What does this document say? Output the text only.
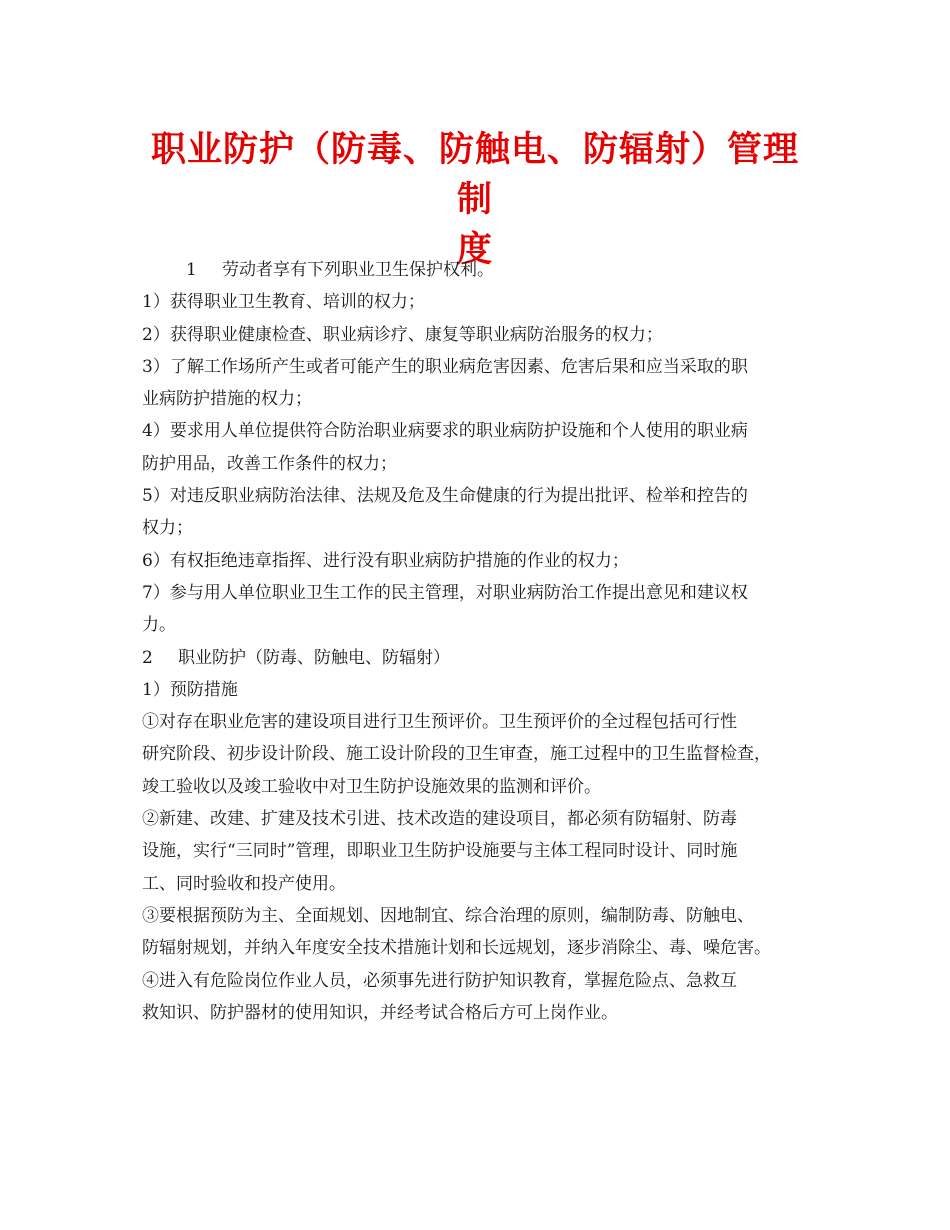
职业防护（防毒、防触电、防辐射）管理制
度
1 劳动者享有下列职业卫生保护权利。
1）获得职业卫生教育、培训的权力；
2）获得职业健康检查、职业病诊疗、康复等职业病防治服务的权力；
3）了解工作场所产生或者可能产生的职业病危害因素、危害后果和应当采取的职
业病防护措施的权力；
4）要求用人单位提供符合防治职业病要求的职业病防护设施和个人使用的职业病
防护用品，改善工作条件的权力；
5）对违反职业病防治法律、法规及危及生命健康的行为提出批评、检举和控告的
权力；
6）有权拒绝违章指挥、进行没有职业病防护措施的作业的权力；
7）参与用人单位职业卫生工作的民主管理，对职业病防治工作提出意见和建议权
力。
2 职业防护（防毒、防触电、防辐射）
1）预防措施
①对存在职业危害的建设项目进行卫生预评价。卫生预评价的全过程包括可行性
研究阶段、初步设计阶段、施工设计阶段的卫生审查，施工过程中的卫生监督检查，
竣工验收以及竣工验收中对卫生防护设施效果的监测和评价。
②新建、改建、扩建及技术引进、技术改造的建设项目，都必须有防辐射、防毒
设施，实行“三同时”管理，即职业卫生防护设施要与主体工程同时设计、同时施
工、同时验收和投产使用。
③要根据预防为主、全面规划、因地制宜、综合治理的原则，编制防毒、防触电、
防辐射规划，并纳入年度安全技术措施计划和长远规划，逐步消除尘、毒、噪危害。
④进入有危险岗位作业人员，必须事先进行防护知识教育，掌握危险点、急救互
救知识、防护器材的使用知识，并经考试合格后方可上岗作业。
